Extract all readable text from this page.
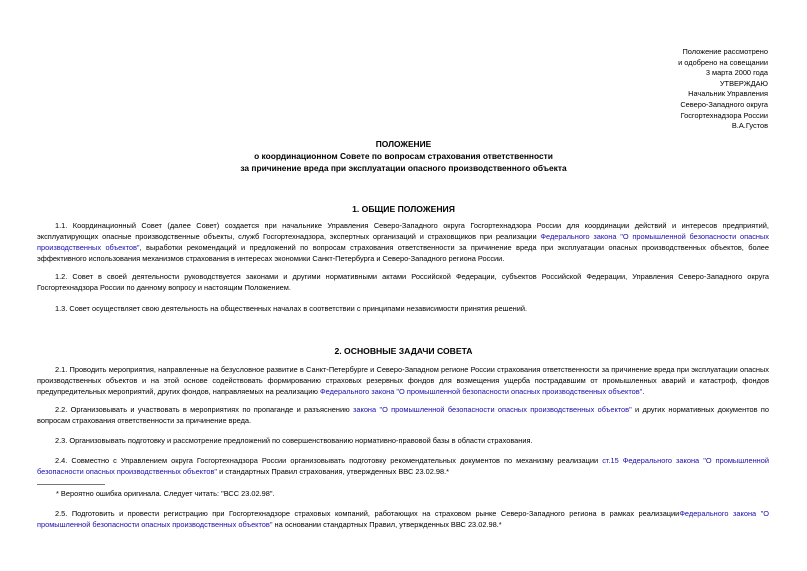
Положение рассмотрено
и одобрено на совещании
3 марта 2000 года
УТВЕРЖДАЮ
Начальник Управления
Северо-Западного округа
Госгортехнадзора России
В.А.Густов
ПОЛОЖЕНИЕ
о координационном Совете по вопросам страхования ответственности
за причинение вреда при эксплуатации опасного производственного объекта
1. ОБЩИЕ ПОЛОЖЕНИЯ
1.1. Координационный Совет (далее Совет) создается при начальнике Управления Северо-Западного округа Госгортехнадзора России для координации действий и интересов предприятий, эксплуатирующих опасные производственные объекты, служб Госгортехнадзора, экспертных организаций и страховщиков при реализации Федерального закона "О промышленной безопасности опасных производственных объектов", выработки рекомендаций и предложений по вопросам страхования ответственности за причинение вреда при эксплуатации опасных производственных объектов, более эффективного использования механизмов страхования в интересах экономики Санкт-Петербурга и Северо-Западного региона России.
1.2. Совет в своей деятельности руководствуется законами и другими нормативными актами Российской Федерации, субъектов Российской Федерации, Управления Северо-Западного округа Госгортехнадзора России по данному вопросу и настоящим Положением.
1.3. Совет осуществляет свою деятельность на общественных началах в соответствии с принципами независимости принятия решений.
2. ОСНОВНЫЕ ЗАДАЧИ СОВЕТА
2.1. Проводить мероприятия, направленные на безусловное развитие в Санкт-Петербурге и Северо-Западном регионе России страхования ответственности за причинение вреда при эксплуатации опасных производственных объектов и на этой основе содействовать формированию страховых резервных фондов для возмещения ущерба пострадавшим от промышленных аварий и катастроф, фондов предупредительных мероприятий, других фондов, направляемых на реализацию Федерального закона "О промышленной безопасности опасных производственных объектов".
2.2. Организовывать и участвовать в мероприятиях по пропаганде и разъяснению закона "О промышленной безопасности опасных производственных объектов" и других нормативных документов по вопросам страхования ответственности за причинение вреда.
2.3. Организовывать подготовку и рассмотрение предложений по совершенствованию нормативно-правовой базы в области страхования.
2.4. Совместно с Управлением округа Госгортехнадзора России организовывать подготовку рекомендательных документов по механизму реализации ст.15 Федерального закона "О промышленной безопасности опасных производственных объектов" и стандартных Правил страхования, утвержденных ВВС 23.02.98.*
* Вероятно ошибка оригинала. Следует читать: "ВСС 23.02.98".
2.5. Подготовить и провести регистрацию при Госгортехнадзоре страховых компаний, работающих на страховом рынке Северо-Западного региона в рамках реализацииФедерального закона "О промышленной безопасности опасных производственных объектов" на основании стандартных Правил, утвержденных ВВС 23.02.98.*
